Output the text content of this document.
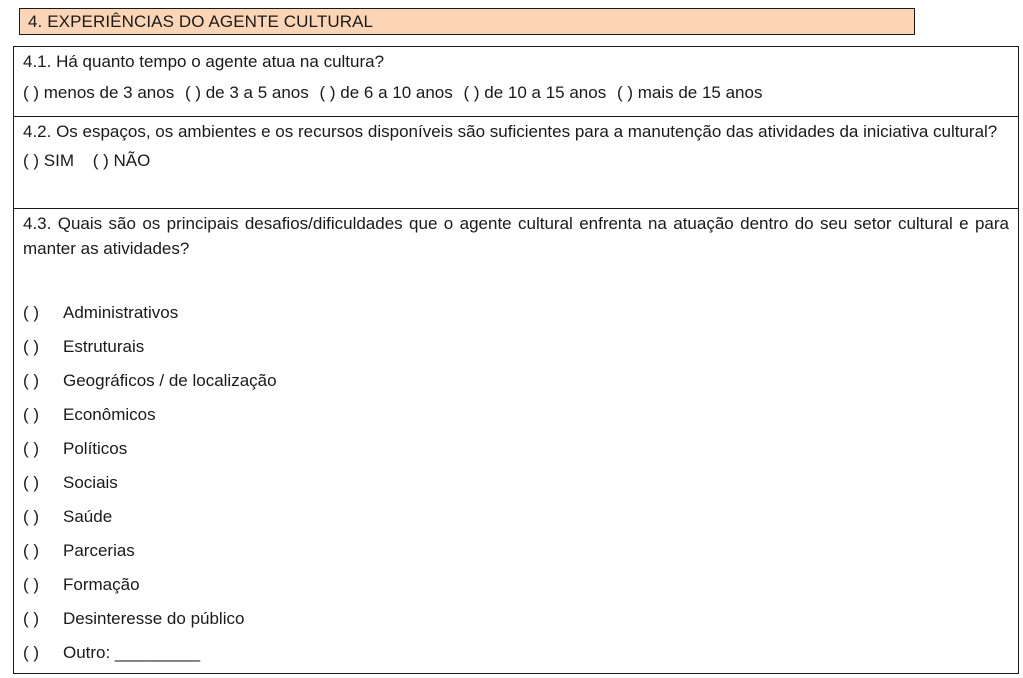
4. EXPERIÊNCIAS DO AGENTE CULTURAL

4.1. Há quanto tempo o agente atua na cultura?

( ) menos de 3 anos ( ) de 3 a 5 anos ( ) de 6 a 10 anos ( ) de 10 a 15 anos ( ) mais de 15 anos

4.2. Os espaços, os ambientes e os recursos disponíveis são suficientes para a manutenção das atividades da iniciativa cultural?

( ) SIM ( ) NÃO

4.3. Quais são os principais desafios/dificuldades que o agente cultural enfrenta na atuação dentro do seu setor cultural e para manter as atividades?

( ) Administrativos
( ) Estruturais
( ) Geográficos / de localização
( ) Econômicos
( ) Políticos
( ) Sociais
( ) Saúde
( ) Parcerias
( ) Formação
( ) Desinteresse do público
( ) Outro: _________
